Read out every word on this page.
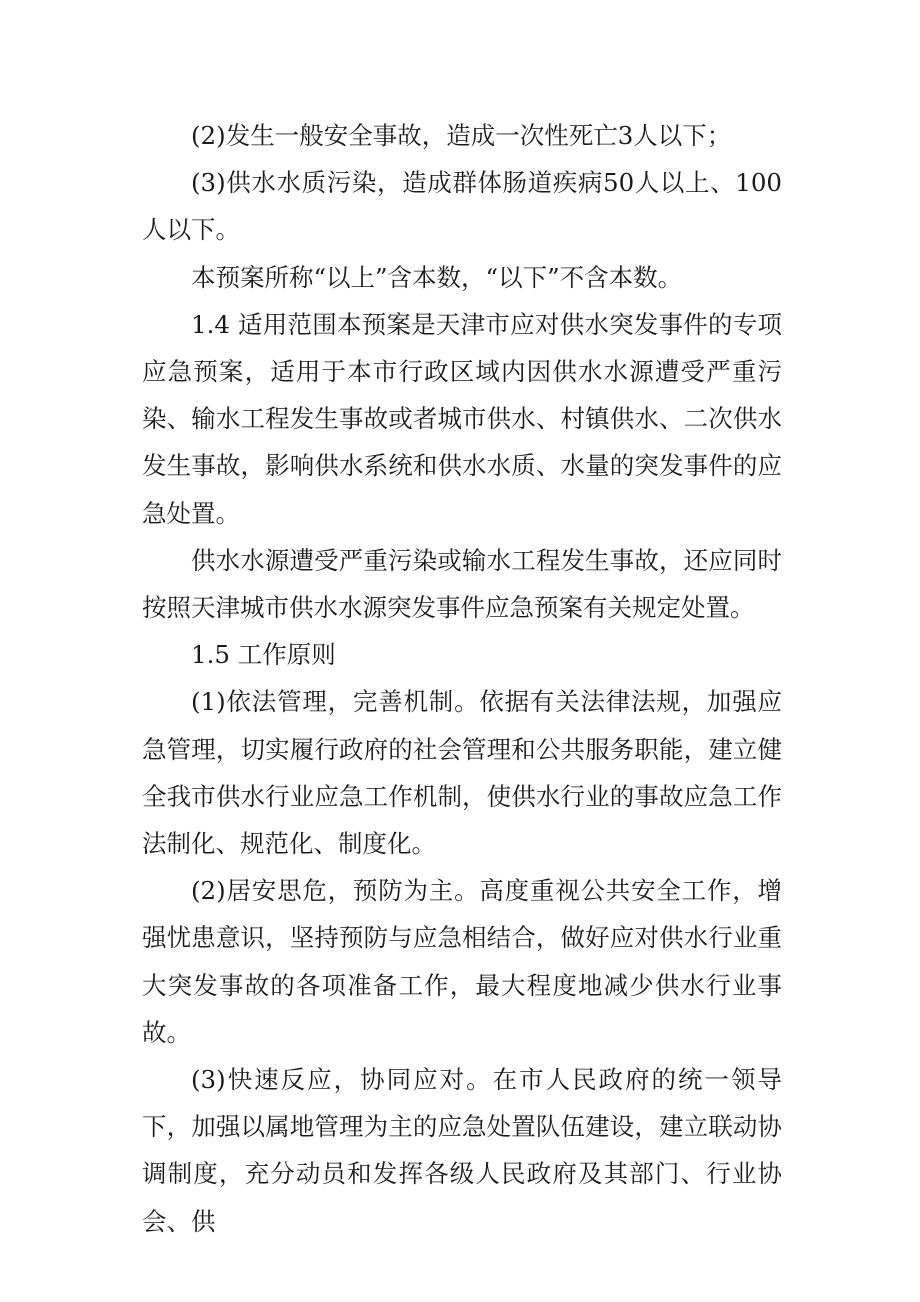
(2)发生一般安全事故，造成一次性死亡3人以下；

(3)供水水质污染，造成群体肠道疾病50人以上、100人以下。

本预案所称“以上”含本数，“以下”不含本数。

1.4 适用范围本预案是天津市应对供水突发事件的专项应急预案，适用于本市行政区域内因供水水源遭受严重污染、输水工程发生事故或者城市供水、村镇供水、二次供水发生事故，影响供水系统和供水水质、水量的突发事件的应急处置。

供水水源遭受严重污染或输水工程发生事故，还应同时按照天津城市供水水源突发事件应急预案有关规定处置。

1.5 工作原则

(1)依法管理，完善机制。依据有关法律法规，加强应急管理，切实履行政府的社会管理和公共服务职能，建立健全我市供水行业应急工作机制，使供水行业的事故应急工作法制化、规范化、制度化。

(2)居安思危，预防为主。高度重视公共安全工作，增强忧患意识，坚持预防与应急相结合，做好应对供水行业重大突发事故的各项准备工作，最大程度地减少供水行业事故。

(3)快速反应，协同应对。在市人民政府的统一领导下，加强以属地管理为主的应急处置队伍建设，建立联动协调制度，充分动员和发挥各级人民政府及其部门、行业协会、供
